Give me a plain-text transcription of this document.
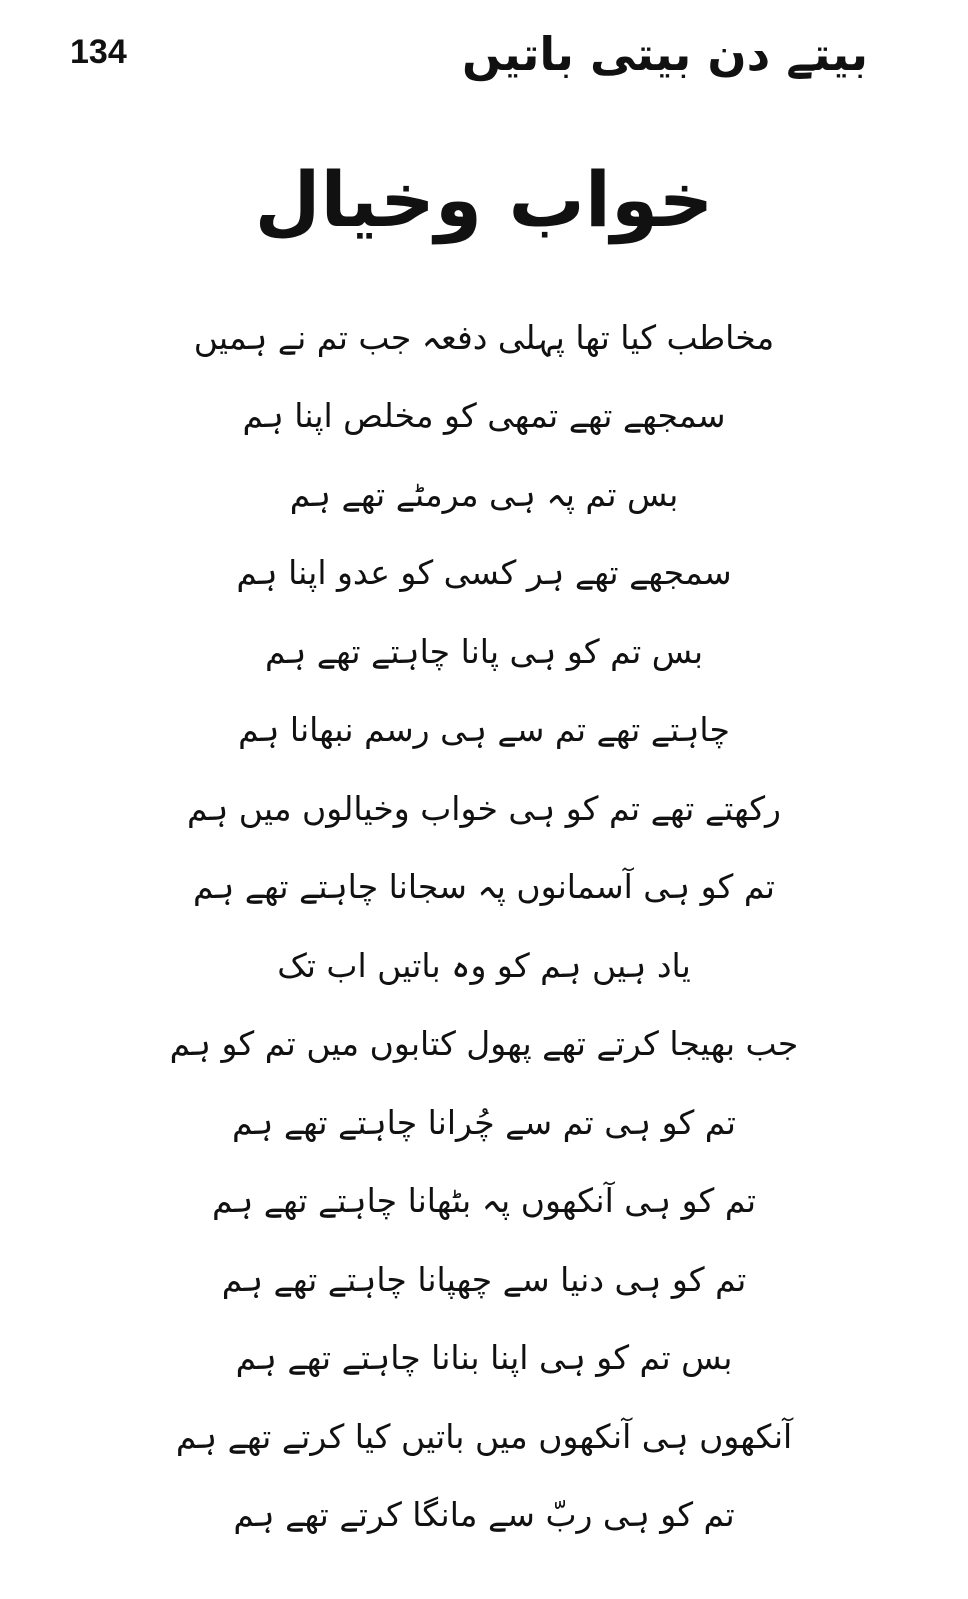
134	بیتے دن بیتی باتیں
خواب وخیال
مخاطب کیا تھا پہلی دفعہ جب تم نے ہمیں
سمجھے تھے تمھی کو مخلص اپنا ہم
بس تم پہ ہی مرمٹے تھے ہم
سمجھے تھے ہر کسی کو عدو اپنا ہم
بس تم کو ہی پانا چاہتے تھے ہم
چاہتے تھے تم سے ہی رسم نبھانا ہم
رکھتے تھے تم کو ہی خواب وخیالوں میں ہم
تم کو ہی آسمانوں پہ سجانا چاہتے تھے ہم
یاد ہیں ہم کو وہ باتیں اب تک
جب بھیجا کرتے تھے پھول کتابوں میں تم کو ہم
تم کو ہی تم سے چُرانا چاہتے تھے ہم
تم کو ہی آنکھوں پہ بٹھانا چاہتے تھے ہم
تم کو ہی دنیا سے چھپانا چاہتے تھے ہم
بس تم کو ہی اپنا بنانا چاہتے تھے ہم
آنکھوں ہی آنکھوں میں باتیں کیا کرتے تھے ہم
تم کو ہی ربّ سے مانگا کرتے تھے ہم
